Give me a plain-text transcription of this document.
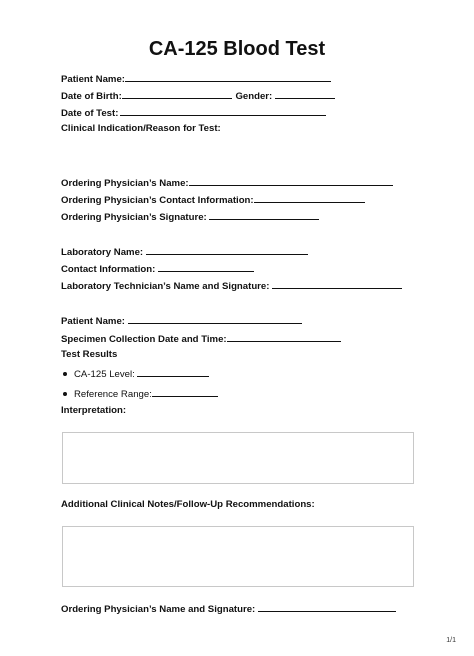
CA-125 Blood Test
Patient Name:
Date of Birth:	Gender:
Date of Test:
Clinical Indication/Reason for Test:
Ordering Physician’s Name:
Ordering Physician’s Contact Information:
Ordering Physician’s Signature:
Laboratory Name:
Contact Information:
Laboratory Technician’s Name and Signature:
Patient Name:
Specimen Collection Date and Time:
Test Results
CA-125 Level:
Reference Range:
Interpretation:
Additional Clinical Notes/Follow-Up Recommendations:
Ordering Physician’s Name and Signature:
1/1
